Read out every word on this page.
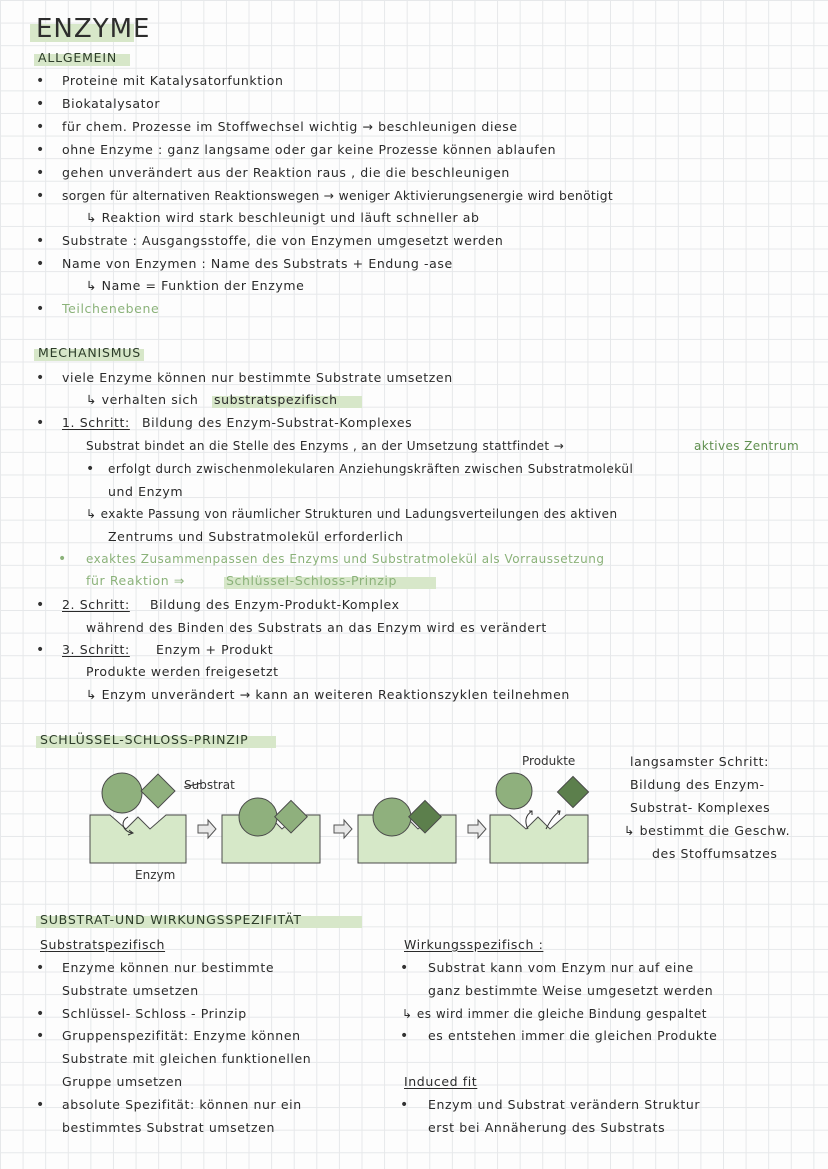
ENZYME
ALLGEMEIN
• Proteine mit Katalysatorfunktion
• Biokatalysator
• für chem. Prozesse im Stoffwechsel wichtig → beschleunigen diese
• ohne Enzyme : ganz langsame oder gar keine Prozesse können ablaufen
• gehen unverändert aus der Reaktion raus , die die beschleunigen
• sorgen für alternativen Reaktionswegen → weniger Aktivierungsenergie wird benötigt
↳ Reaktion wird stark beschleunigt und läuft schneller ab
• Substrate : Ausgangsstoffe, die von Enzymen umgesetzt werden
• Name von Enzymen : Name des Substrats + Endung -ase
↳ Name = Funktion der Enzyme
• Teilchenebene
MECHANISMUS
• viele Enzyme können nur bestimmte Substrate umsetzen
↳ verhalten sich substratspezifisch
• 1. Schritt: Bildung des Enzym-Substrat-Komplexes
Substrat bindet an die Stelle des Enzyms , an der Umsetzung stattfindet →	aktives Zentrum
• erfolgt durch zwischenmolekularen Anziehungskräften zwischen Substratmolekül
und Enzym
↳ exakte Passung von räumlicher Strukturen und Ladungsverteilungen des aktiven
Zentrums und Substratmolekül erforderlich
• exaktes Zusammenpassen des Enzyms und Substratmolekül als Vorraussetzung
für Reaktion ⇒	Schlüssel-Schloss-Prinzip
• 2. Schritt: Bildung des Enzym-Produkt-Komplex
während des Binden des Substrats an das Enzym wird es verändert
• 3. Schritt: Enzym + Produkt
Produkte werden freigesetzt
↳ Enzym unverändert → kann an weiteren Reaktionszyklen teilnehmen
SCHLÜSSEL-SCHLOSS-PRINZIP
Substrat
Enzym
Produkte	langsamster Schritt:
Bildung des Enzym-
Substrat- Komplexes
↳ bestimmt die Geschw.
des Stoffumsatzes
SUBSTRAT-UND WIRKUNGSSPEZIFITÄT
Substratspezifisch
• Enzyme können nur bestimmte
Substrate umsetzen
• Schlüssel- Schloss - Prinzip
• Gruppenspezifität: Enzyme können
Substrate mit gleichen funktionellen
Gruppe umsetzen
• absolute Spezifität: können nur ein
bestimmtes Substrat umsetzen
Wirkungsspezifisch :
• Substrat kann vom Enzym nur auf eine
ganz bestimmte Weise umgesetzt werden
↳ es wird immer die gleiche Bindung gespaltet
• es entstehen immer die gleichen Produkte
Induced fit
• Enzym und Substrat verändern Struktur
erst bei Annäherung des Substrats
